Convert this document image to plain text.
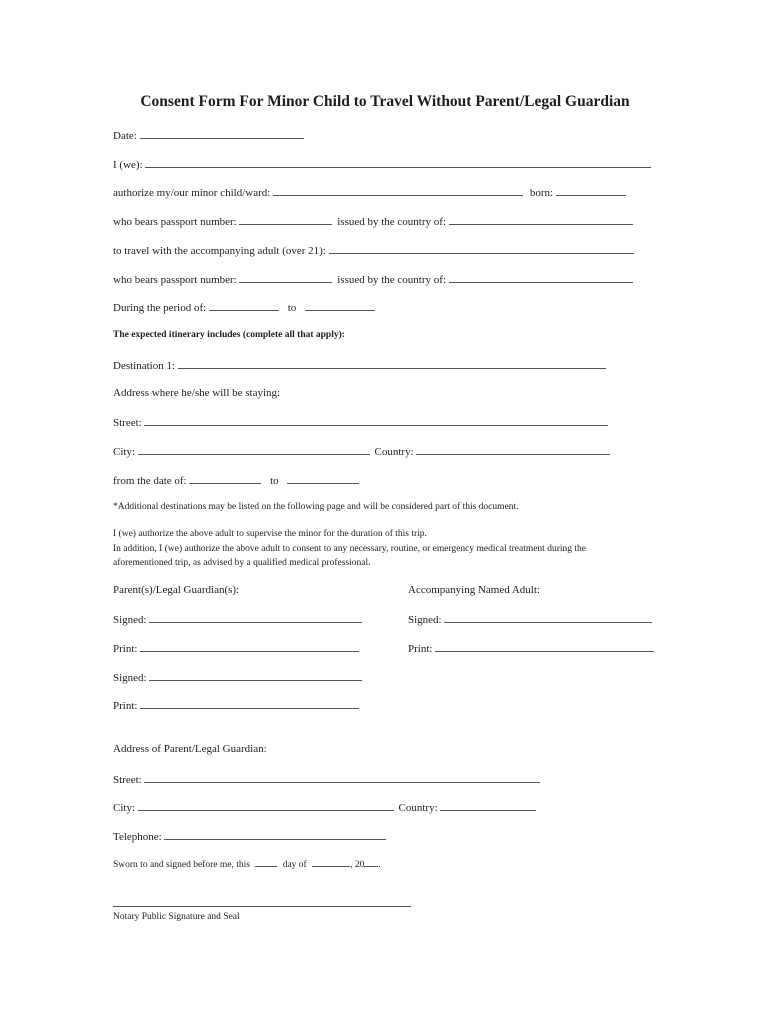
Consent Form For Minor Child to Travel Without Parent/Legal Guardian
Date:
I (we):
authorize my/our minor child/ward:	born:
who bears passport number:	issued by the country of:
to travel with the accompanying adult (over 21):
who bears passport number:	issued by the country of:
During the period of:	to
The expected itinerary includes (complete all that apply):
Destination 1:
Address where he/she will be staying:
Street:
City:	Country:
from the date of:	to
*Additional destinations may be listed on the following page and will be considered part of this document.
I (we) authorize the above adult to supervise the minor for the duration of this trip.
In addition, I (we) authorize the above adult to consent to any necessary, routine, or emergency medical treatment during the
aforementioned trip, as advised by a qualified medical professional.
Parent(s)/Legal Guardian(s):	Accompanying Named Adult:
Signed:	Signed:
Print:	Print:
Signed:
Print:
Address of Parent/Legal Guardian:
Street:
City:	Country:
Telephone:
Sworn to and signed before me, this	day of	, 20 .
Notary Public Signature and Seal
